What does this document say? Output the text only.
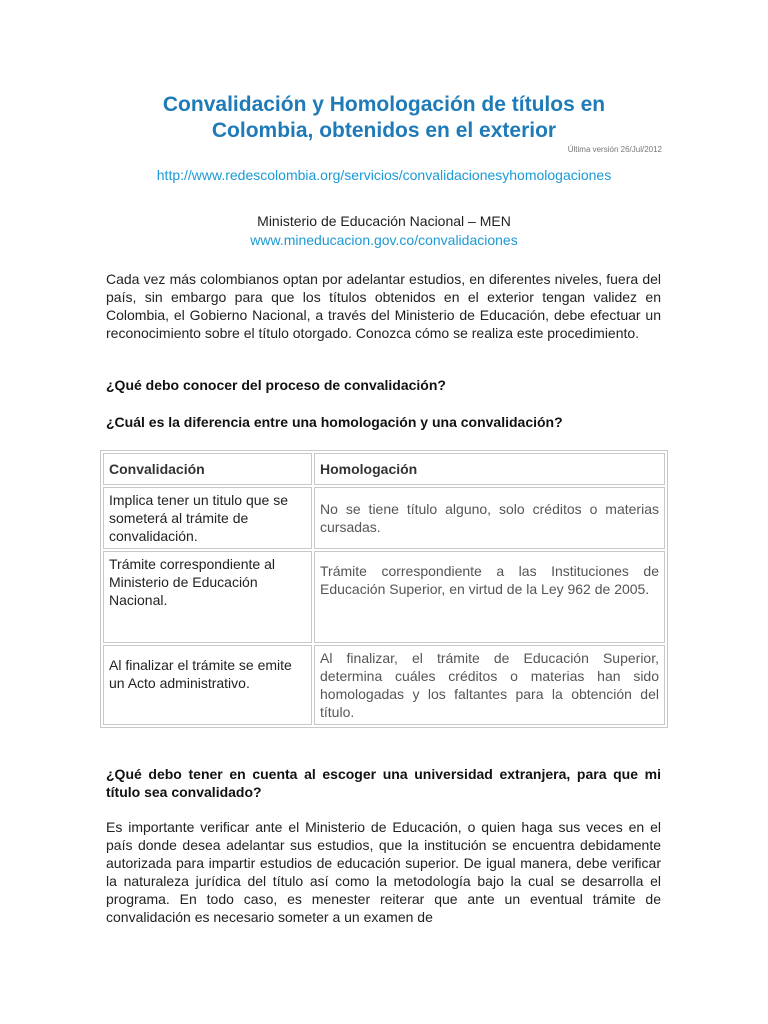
Convalidación y Homologación de títulos en
Colombia, obtenidos en el exterior
Última versión 26/Jul/2012
http://www.redescolombia.org/servicios/convalidacionesyhomologaciones
Ministerio de Educación Nacional – MEN
www.mineducacion.gov.co/convalidaciones

Cada vez más colombianos optan por adelantar estudios, en diferentes niveles, fuera del país, sin embargo para que los títulos obtenidos en el exterior tengan validez en Colombia, el Gobierno Nacional, a través del Ministerio de Educación, debe efectuar un reconocimiento sobre el título otorgado. Conozca cómo se realiza este procedimiento.

¿Qué debo conocer del proceso de convalidación?

¿Cuál es la diferencia entre una homologación y una convalidación?

Convalidación	Homologación
Implica tener un titulo que se someterá al trámite de convalidación.	No se tiene título alguno, solo créditos o materias cursadas.
Trámite correspondiente al Ministerio de Educación Nacional.	Trámite correspondiente a las Instituciones de Educación Superior, en virtud de la Ley 962 de 2005.
Al finalizar el trámite se emite un Acto administrativo.	Al finalizar, el trámite de Educación Superior, determina cuáles créditos o materias han sido homologadas y los faltantes para la obtención del título.

¿Qué debo tener en cuenta al escoger una universidad extranjera, para que mi título sea convalidado?

Es importante verificar ante el Ministerio de Educación, o quien haga sus veces en el país donde desea adelantar sus estudios, que la institución se encuentra debidamente autorizada para impartir estudios de educación superior. De igual manera, debe verificar la naturaleza jurídica del título así como la metodología bajo la cual se desarrolla el programa. En todo caso, es menester reiterar que ante un eventual trámite de convalidación es necesario someter a un examen de
